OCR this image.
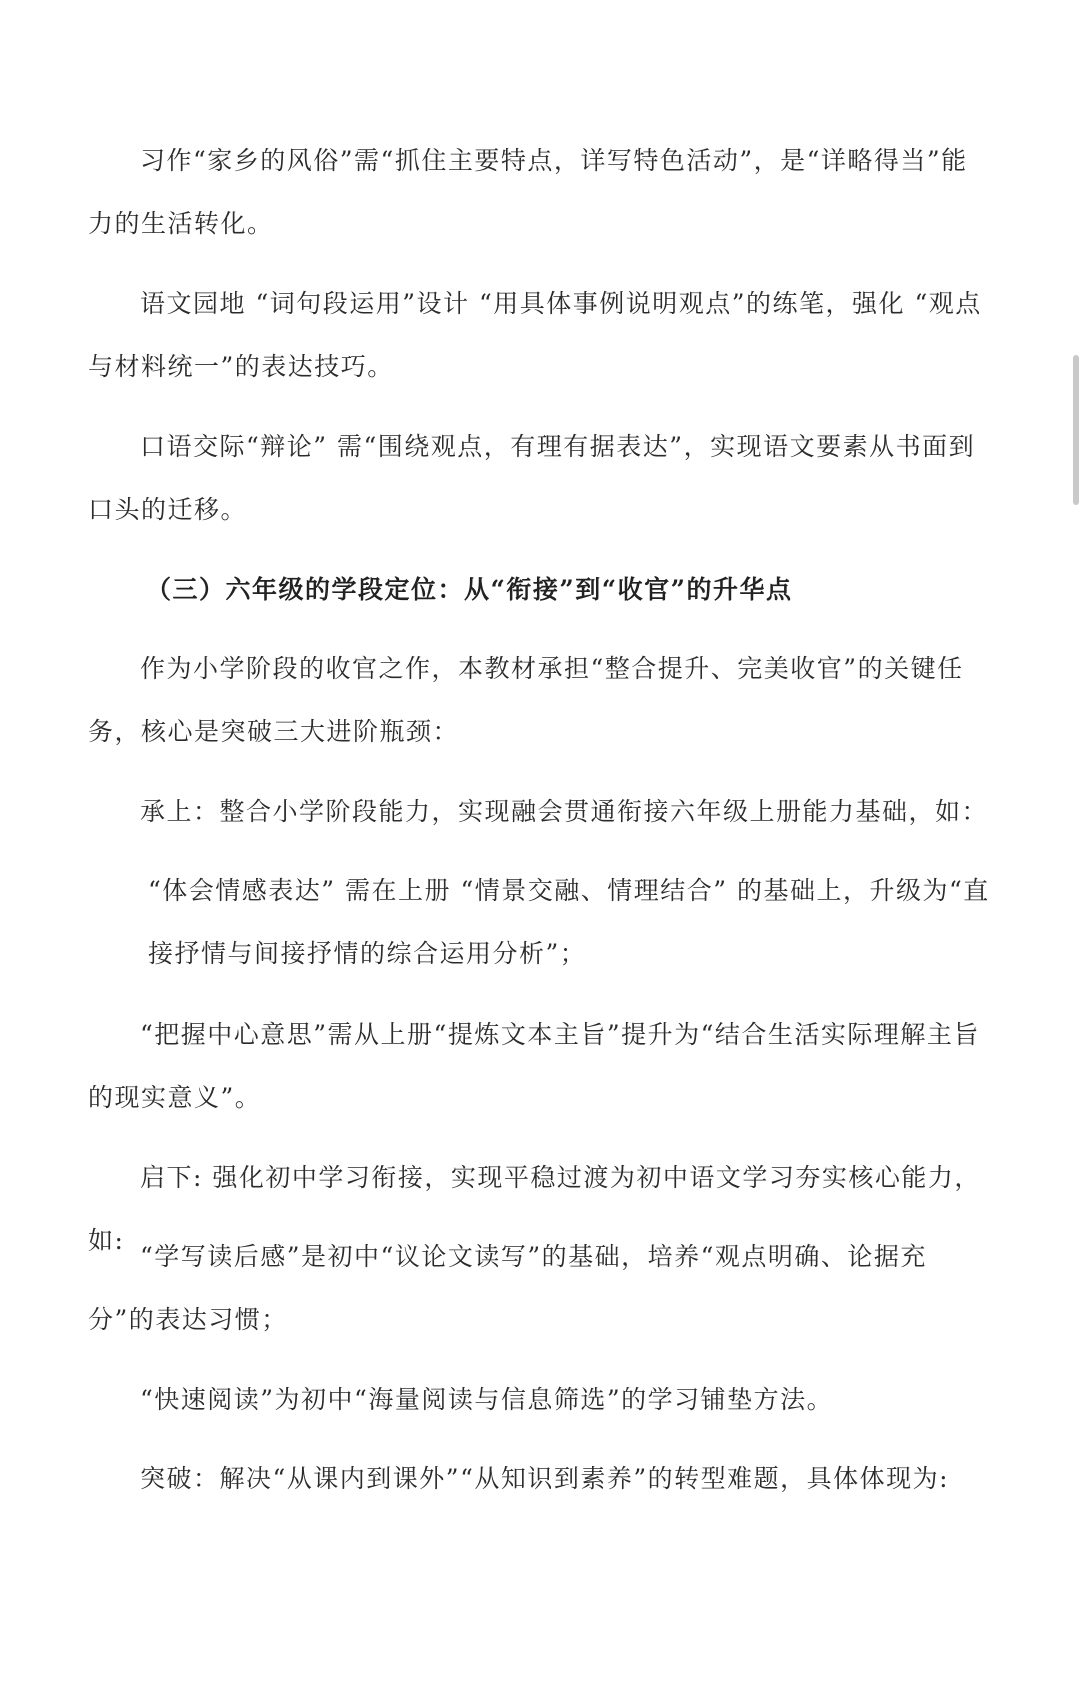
习作“家乡的风俗”需“抓住主要特点，详写特色活动”，是“详略得当”能力的生活转化。

语文园地 “词句段运用”设计 “用具体事例说明观点”的练笔，强化 “观点与材料统一”的表达技巧。

口语交际“辩论” 需“围绕观点，有理有据表达”，实现语文要素从书面到口头的迁移。

（三）六年级的学段定位：从“衔接”到“收官”的升华点

作为小学阶段的收官之作，本教材承担“整合提升、完美收官”的关键任务，核心是突破三大进阶瓶颈：

承上：整合小学阶段能力，实现融会贯通衔接六年级上册能力基础，如：

“体会情感表达” 需在上册 “情景交融、情理结合” 的基础上，升级为“直接抒情与间接抒情的综合运用分析”；

“把握中心意思”需从上册“提炼文本主旨”提升为“结合生活实际理解主旨的现实意义”。

启下: 强化初中学习衔接，实现平稳过渡为初中语文学习夯实核心能力，如:

“学写读后感”是初中“议论文读写”的基础，培养“观点明确、论据充分”的表达习惯；

“快速阅读”为初中“海量阅读与信息筛选”的学习铺垫方法。

突破：解决“从课内到课外”“从知识到素养”的转型难题，具体体现为:
